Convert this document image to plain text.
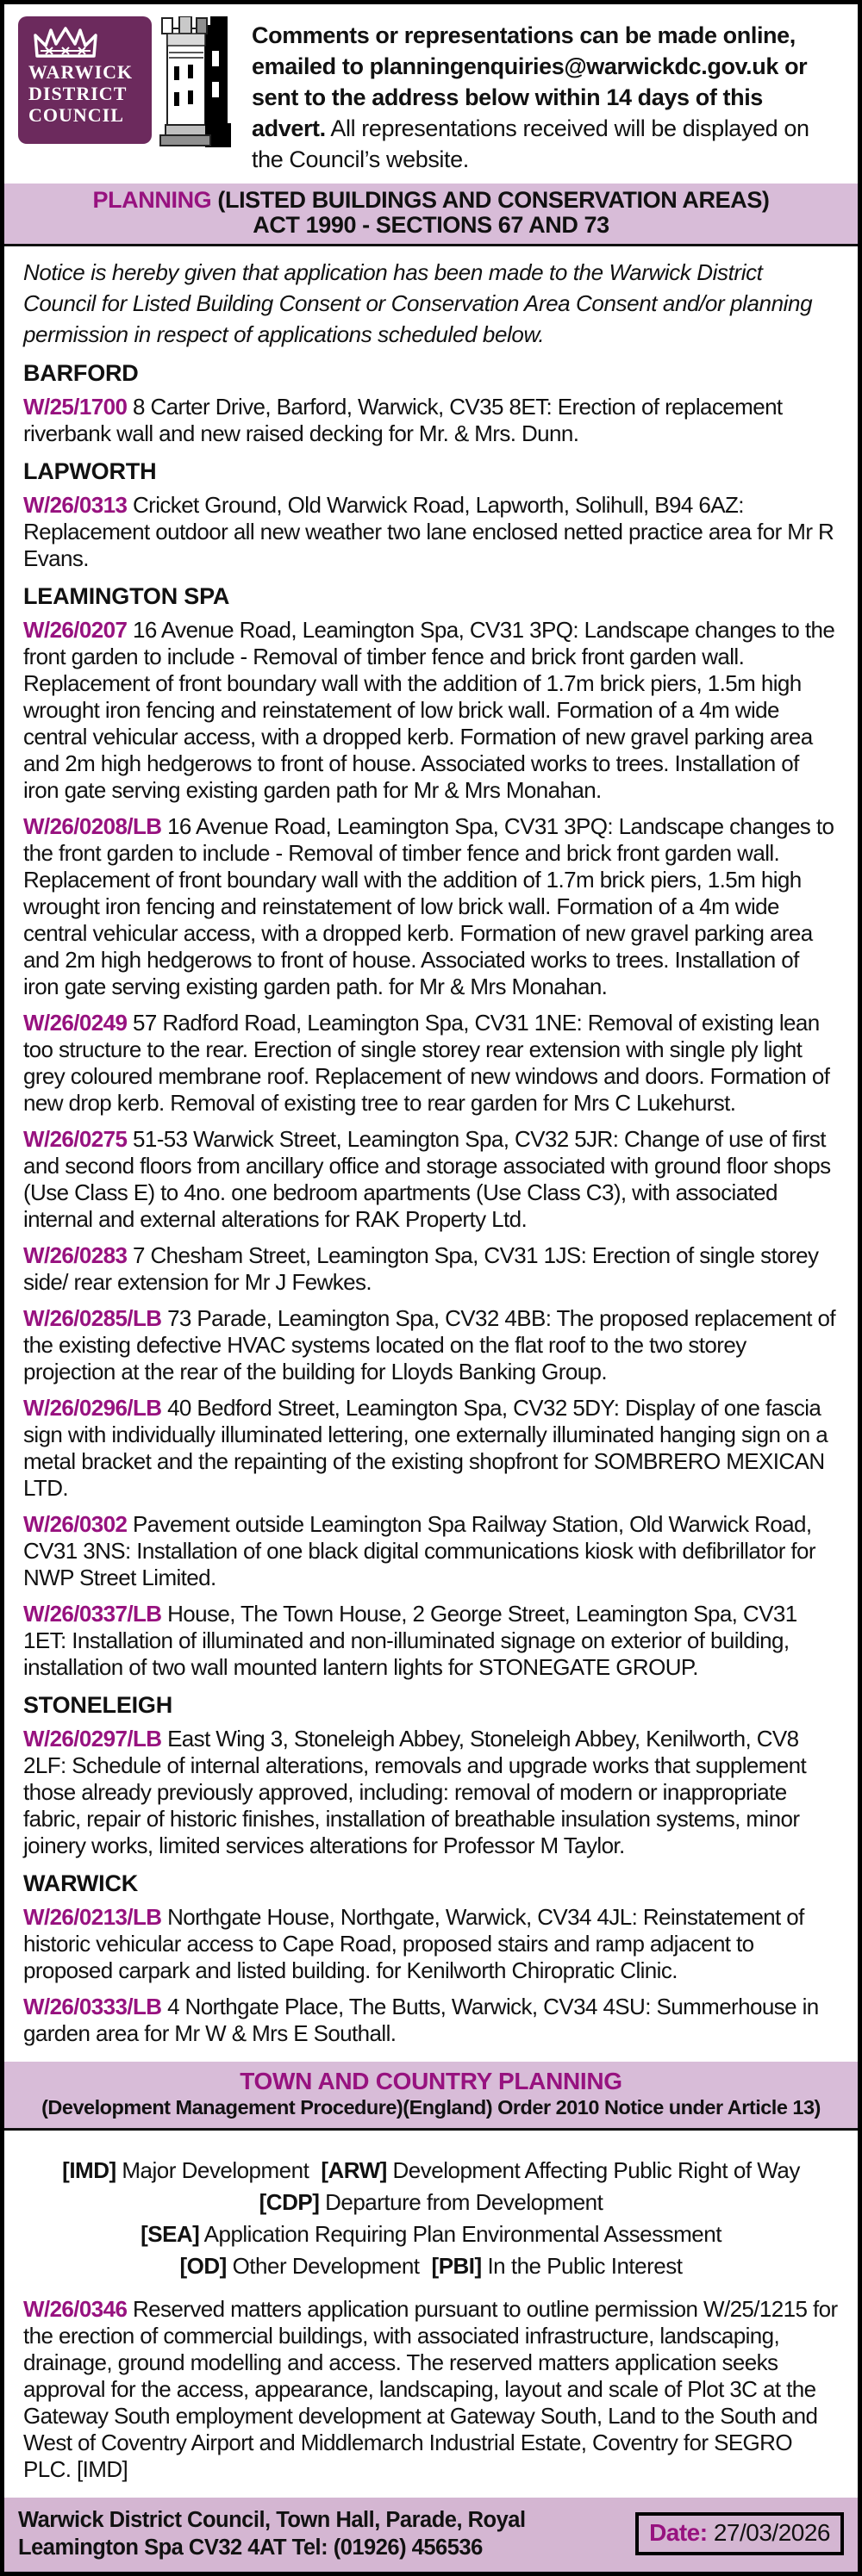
WARWICK
DISTRICT
COUNCIL

Comments or representations can be made online, emailed to planningenquiries@warwickdc.gov.uk or sent to the address below within 14 days of this advert. All representations received will be displayed on the Council’s website.

PLANNING (LISTED BUILDINGS AND CONSERVATION AREAS)
ACT 1990 - SECTIONS 67 AND 73

Notice is hereby given that application has been made to the Warwick District Council for Listed Building Consent or Conservation Area Consent and/or planning permission in respect of applications scheduled below.

BARFORD

W/25/1700 8 Carter Drive, Barford, Warwick, CV35 8ET: Erection of replacement riverbank wall and new raised decking for Mr. & Mrs. Dunn.

LAPWORTH

W/26/0313 Cricket Ground, Old Warwick Road, Lapworth, Solihull, B94 6AZ: Replacement outdoor all new weather two lane enclosed netted practice area for Mr R Evans.

LEAMINGTON SPA

W/26/0207 16 Avenue Road, Leamington Spa, CV31 3PQ: Landscape changes to the front garden to include - Removal of timber fence and brick front garden wall. Replacement of front boundary wall with the addition of 1.7m brick piers, 1.5m high wrought iron fencing and reinstatement of low brick wall. Formation of a 4m wide central vehicular access, with a dropped kerb. Formation of new gravel parking area and 2m high hedgerows to front of house. Associated works to trees. Installation of iron gate serving existing garden path for Mr & Mrs Monahan.

W/26/0208/LB 16 Avenue Road, Leamington Spa, CV31 3PQ: Landscape changes to the front garden to include - Removal of timber fence and brick front garden wall. Replacement of front boundary wall with the addition of 1.7m brick piers, 1.5m high wrought iron fencing and reinstatement of low brick wall. Formation of a 4m wide central vehicular access, with a dropped kerb. Formation of new gravel parking area and 2m high hedgerows to front of house. Associated works to trees. Installation of iron gate serving existing garden path. for Mr & Mrs Monahan.

W/26/0249 57 Radford Road, Leamington Spa, CV31 1NE: Removal of existing lean too structure to the rear. Erection of single storey rear extension with single ply light grey coloured membrane roof. Replacement of new windows and doors. Formation of new drop kerb. Removal of existing tree to rear garden for Mrs C Lukehurst.

W/26/0275 51-53 Warwick Street, Leamington Spa, CV32 5JR: Change of use of first and second floors from ancillary office and storage associated with ground floor shops (Use Class E) to 4no. one bedroom apartments (Use Class C3), with associated internal and external alterations for RAK Property Ltd.

W/26/0283 7 Chesham Street, Leamington Spa, CV31 1JS: Erection of single storey side/ rear extension for Mr J Fewkes.

W/26/0285/LB 73 Parade, Leamington Spa, CV32 4BB: The proposed replacement of the existing defective HVAC systems located on the flat roof to the two storey projection at the rear of the building for Lloyds Banking Group.

W/26/0296/LB 40 Bedford Street, Leamington Spa, CV32 5DY: Display of one fascia sign with individually illuminated lettering, one externally illuminated hanging sign on a metal bracket and the repainting of the existing shopfront for SOMBRERO MEXICAN LTD.

W/26/0302 Pavement outside Leamington Spa Railway Station, Old Warwick Road, CV31 3NS: Installation of one black digital communications kiosk with defibrillator for NWP Street Limited.

W/26/0337/LB House, The Town House, 2 George Street, Leamington Spa, CV31 1ET: Installation of illuminated and non-illuminated signage on exterior of building, installation of two wall mounted lantern lights for STONEGATE GROUP.

STONELEIGH

W/26/0297/LB East Wing 3, Stoneleigh Abbey, Stoneleigh Abbey, Kenilworth, CV8 2LF: Schedule of internal alterations, removals and upgrade works that supplement those already previously approved, including: removal of modern or inappropriate fabric, repair of historic finishes, installation of breathable insulation systems, minor joinery works, limited services alterations for Professor M Taylor.

WARWICK

W/26/0213/LB Northgate House, Northgate, Warwick, CV34 4JL: Reinstatement of historic vehicular access to Cape Road, proposed stairs and ramp adjacent to proposed carpark and listed building. for Kenilworth Chiropratic Clinic.

W/26/0333/LB 4 Northgate Place, The Butts, Warwick, CV34 4SU: Summerhouse in garden area for Mr W & Mrs E Southall.

TOWN AND COUNTRY PLANNING
(Development Management Procedure)(England) Order 2010 Notice under Article 13)
[IMD] Major Development [ARW] Development Affecting Public Right of Way
[CDP] Departure from Development
[SEA] Application Requiring Plan Environmental Assessment
[OD] Other Development [PBI] In the Public Interest

W/26/0346 Reserved matters application pursuant to outline permission W/25/1215 for the erection of commercial buildings, with associated infrastructure, landscaping, drainage, ground modelling and access. The reserved matters application seeks approval for the access, appearance, landscaping, layout and scale of Plot 3C at the Gateway South employment development at Gateway South, Land to the South and West of Coventry Airport and Middlemarch Industrial Estate, Coventry for SEGRO PLC. [IMD]

Warwick District Council, Town Hall, Parade, Royal Leamington Spa CV32 4AT Tel: (01926) 456536
Date: 27/03/2026
